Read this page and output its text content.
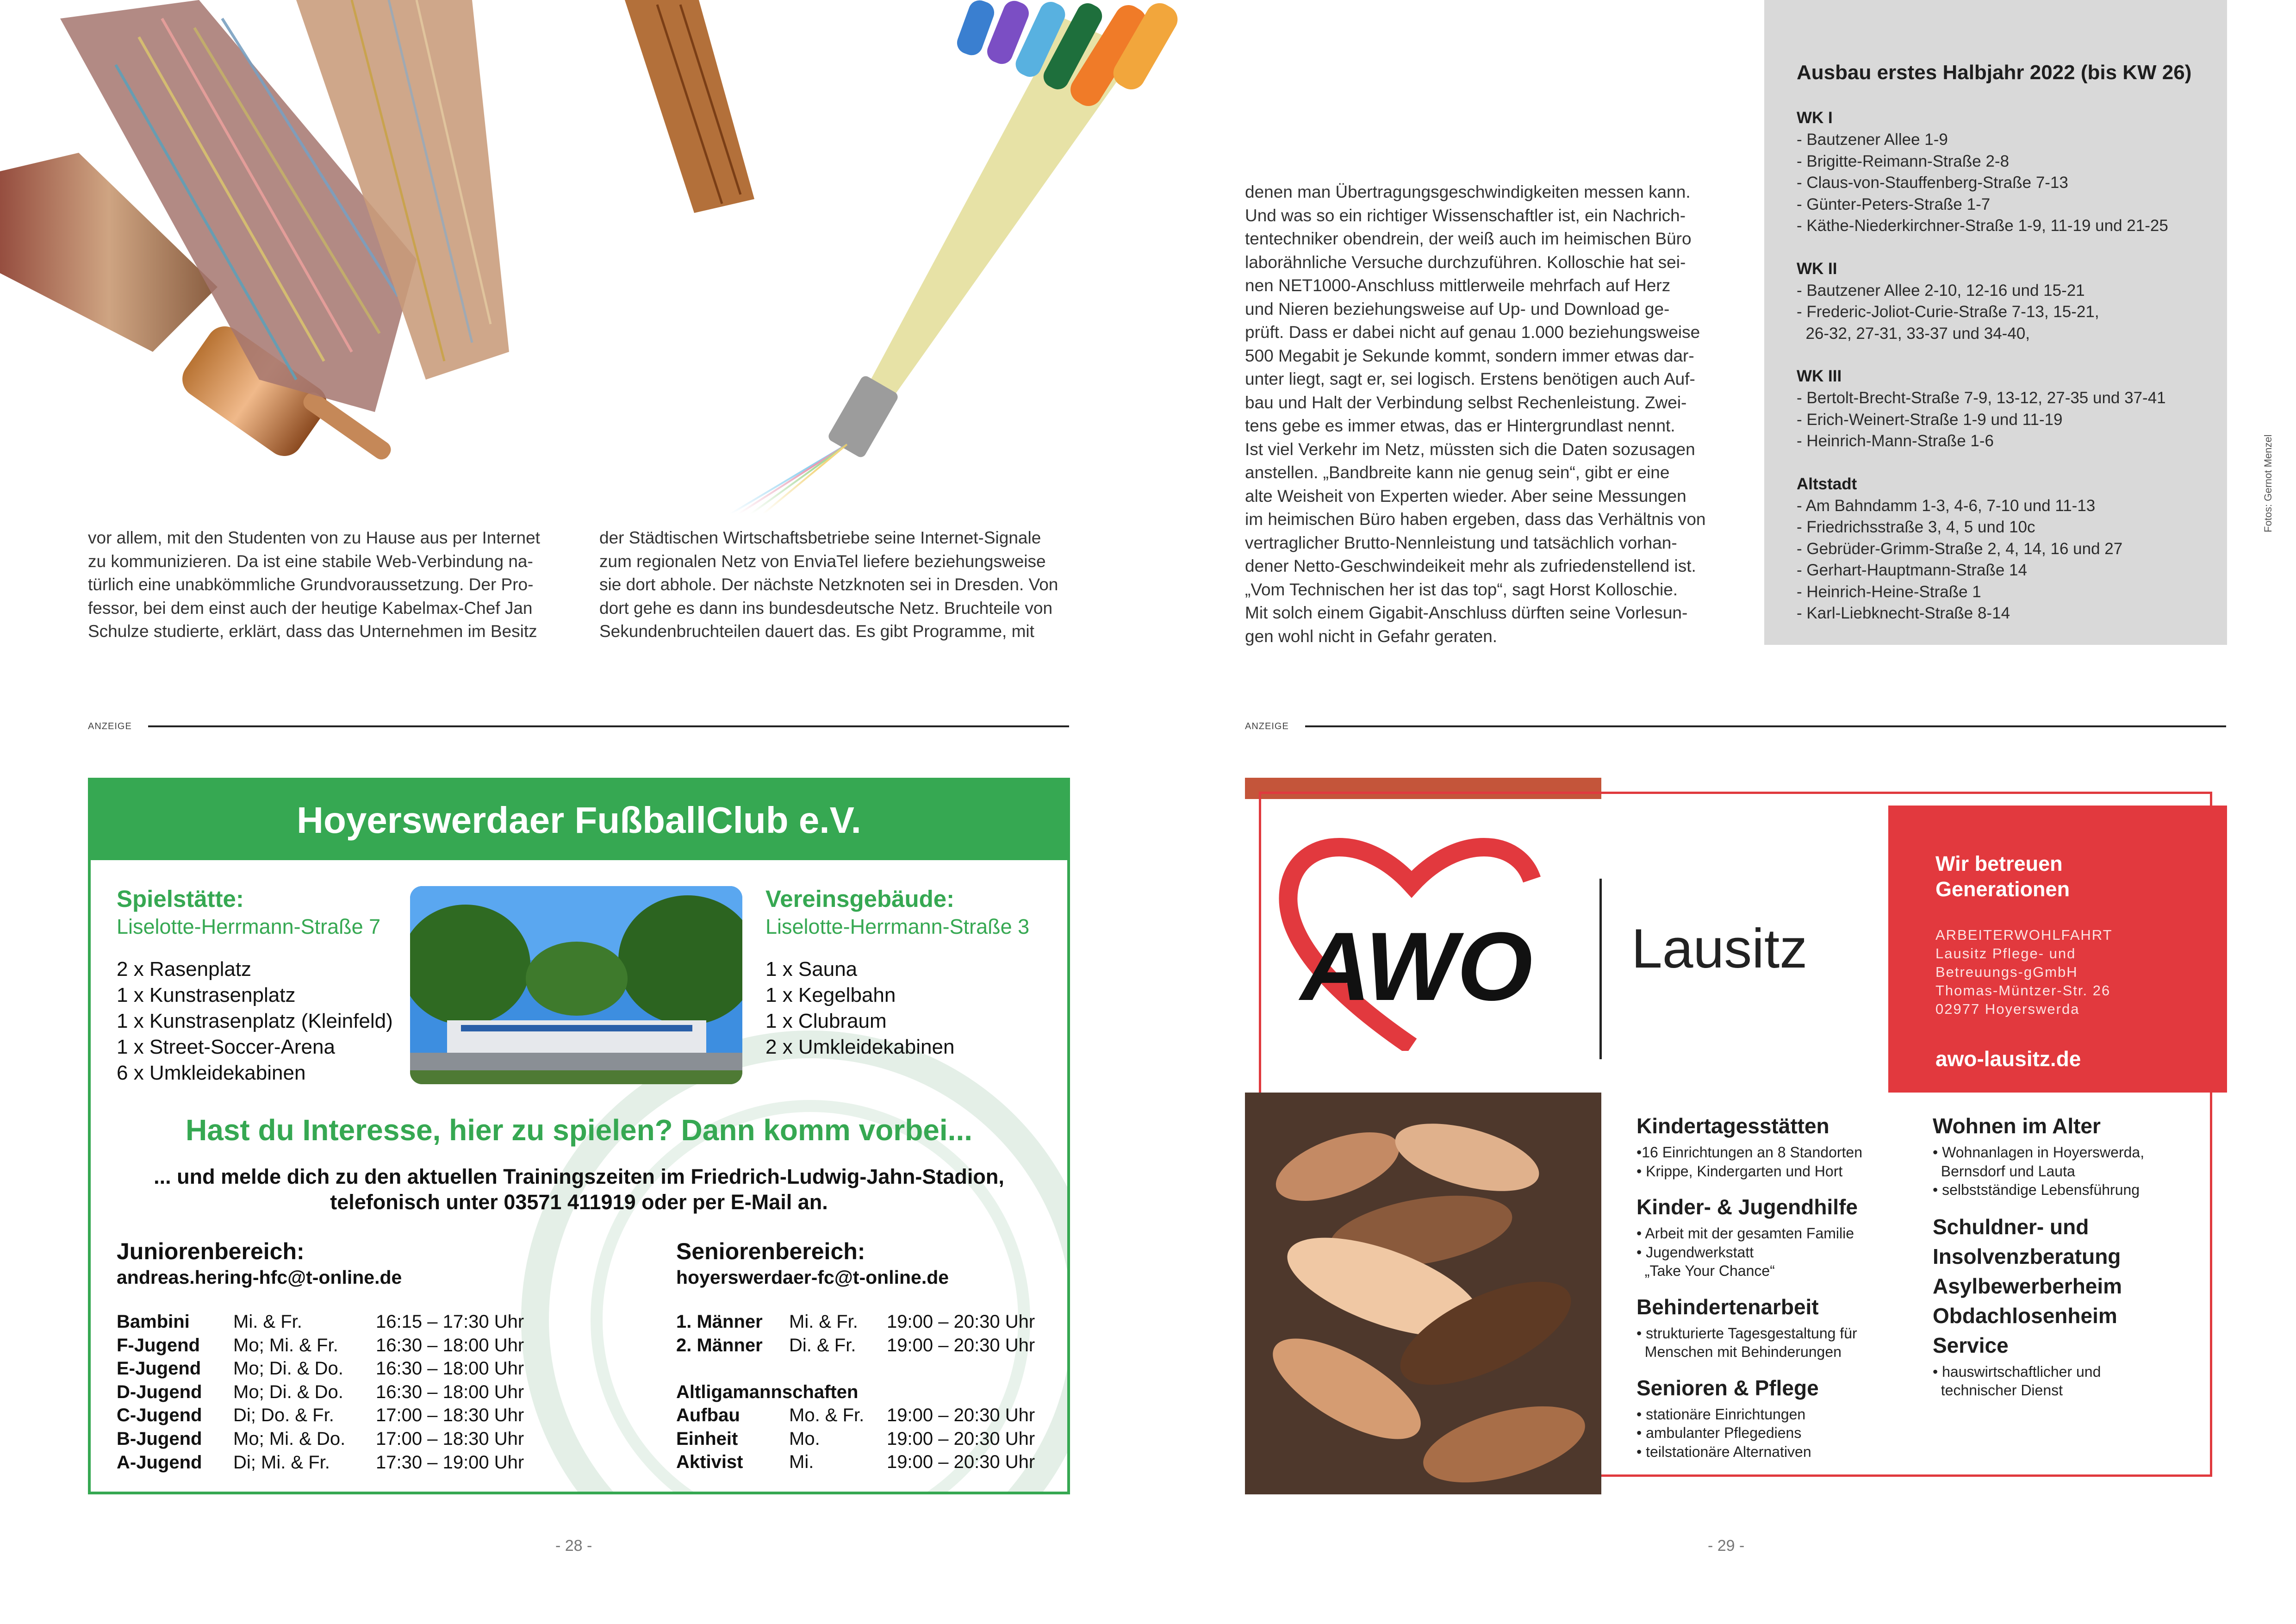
vor allem, mit den Studenten von zu Hause aus per Internet
zu kommunizieren. Da ist eine stabile Web-Verbindung na-
türlich eine unabkömmliche Grundvoraussetzung. Der Pro-
fessor, bei dem einst auch der heutige Kabelmax-Chef Jan
Schulze studierte, erklärt, dass das Unternehmen im Besitz
der Städtischen Wirtschaftsbetriebe seine Internet-Signale
zum regionalen Netz von EnviaTel liefere beziehungsweise
sie dort abhole. Der nächste Netzknoten sei in Dresden. Von
dort gehe es dann ins bundesdeutsche Netz. Bruchteile von
Sekundenbruchteilen dauert das. Es gibt Programme, mit
denen man Übertragungsgeschwindigkeiten messen kann.
Und was so ein richtiger Wissenschaftler ist, ein Nachrich-
tentechniker obendrein, der weiß auch im heimischen Büro
laborähnliche Versuche durchzuführen. Kolloschie hat sei-
nen NET1000-Anschluss mittlerweile mehrfach auf Herz
und Nieren beziehungsweise auf Up- und Download ge-
prüft. Dass er dabei nicht auf genau 1.000 beziehungsweise
500 Megabit je Sekunde kommt, sondern immer etwas dar-
unter liegt, sagt er, sei logisch. Erstens benötigen auch Auf-
bau und Halt der Verbindung selbst Rechenleistung. Zwei-
tens gebe es immer etwas, das er Hintergrundlast nennt.
Ist viel Verkehr im Netz, müssten sich die Daten sozusagen
anstellen. „Bandbreite kann nie genug sein“, gibt er eine
alte Weisheit von Experten wieder. Aber seine Messungen
im heimischen Büro haben ergeben, dass das Verhältnis von
vertraglicher Brutto-Nennleistung und tatsächlich vorhan-
dener Netto-Geschwindeikeit mehr als zufriedenstellend ist.
„Vom Technischen her ist das top“, sagt Horst Kolloschie.
Mit solch einem Gigabit-Anschluss dürften seine Vorlesun-
gen wohl nicht in Gefahr geraten.
Ausbau erstes Halbjahr 2022 (bis KW 26)
WK I
- Bautzener Allee 1-9
- Brigitte-Reimann-Straße 2-8
- Claus-von-Stauffenberg-Straße 7-13
- Günter-Peters-Straße 1-7
- Käthe-Niederkirchner-Straße 1-9, 11-19 und 21-25
WK II
- Bautzener Allee 2-10, 12-16 und 15-21
- Frederic-Joliot-Curie-Straße 7-13, 15-21,
26-32, 27-31, 33-37 und 34-40,
WK III
- Bertolt-Brecht-Straße 7-9, 13-12, 27-35 und 37-41
- Erich-Weinert-Straße 1-9 und 11-19
- Heinrich-Mann-Straße 1-6
Altstadt
- Am Bahndamm 1-3, 4-6, 7-10 und 11-13
- Friedrichsstraße 3, 4, 5 und 10c
- Gebrüder-Grimm-Straße 2, 4, 14, 16 und 27
- Gerhart-Hauptmann-Straße 14
- Heinrich-Heine-Straße 1
- Karl-Liebknecht-Straße 8-14
Fotos: Gernot Menzel
ANZEIGE	ANZEIGE
Hoyerswerdaer FußballClub e.V.
Spielstätte:
Liselotte-Herrmann-Straße 7
2 x Rasenplatz
1 x Kunstrasenplatz
1 x Kunstrasenplatz (Kleinfeld)
1 x Street-Soccer-Arena
6 x Umkleidekabinen
Vereinsgebäude:
Liselotte-Herrmann-Straße 3
1 x Sauna
1 x Kegelbahn
1 x Clubraum
2 x Umkleidekabinen
Hast du Interesse, hier zu spielen? Dann komm vorbei...
... und melde dich zu den aktuellen Trainingszeiten im Friedrich-Ludwig-Jahn-Stadion,
telefonisch unter 03571 411919 oder per E-Mail an.
Juniorenbereich:
andreas.hering-hfc@t-online.de
Bambini Mi. & Fr.	16:15 – 17:30 Uhr
F-Jugend Mo; Mi. & Fr. 16:30 – 18:00 Uhr
E-Jugend Mo; Di. & Do. 16:30 – 18:00 Uhr
D-Jugend Mo; Di. & Do. 16:30 – 18:00 Uhr
C-Jugend Di; Do. & Fr. 17:00 – 18:30 Uhr
B-Jugend Mo; Mi. & Do. 17:00 – 18:30 Uhr
A-Jugend Di; Mi. & Fr. 17:30 – 19:00 Uhr
Seniorenbereich:
hoyerswerdaer-fc@t-online.de
1. Männer Mi. & Fr. 19:00 – 20:30 Uhr
2. Männer Di. & Fr. 19:00 – 20:30 Uhr
Altligamannschaften
Aufbau	Mo. & Fr. 19:00 – 20:30 Uhr
Einheit	Mo.	19:00 – 20:30 Uhr
Aktivist Mi.	19:00 – 20:30 Uhr
AWO Lausitz
Wir betreuen
Generationen
ARBEITERWOHLFAHRT
Lausitz Pflege- und
Betreuungs-gGmbH
Thomas-Müntzer-Str. 26
02977 Hoyerswerda
awo-lausitz.de
Kindertagesstätten
•16 Einrichtungen an 8 Standorten
• Krippe, Kindergarten und Hort
Kinder- & Jugendhilfe
• Arbeit mit der gesamten Familie
• Jugendwerkstatt
„Take Your Chance“
Behindertenarbeit
• strukturierte Tagesgestaltung für
Menschen mit Behinderungen
Senioren & Pflege
• stationäre Einrichtungen
• ambulanter Pflegediens
• teilstationäre Alternativen
Wohnen im Alter
• Wohnanlagen in Hoyerswerda,
Bernsdorf und Lauta
• selbstständige Lebensführung
Schuldner- und
Insolvenzberatung
Asylbewerberheim
Obdachlosenheim
Service
• hauswirtschaftlicher und
technischer Dienst
- 28 -	- 29 -
